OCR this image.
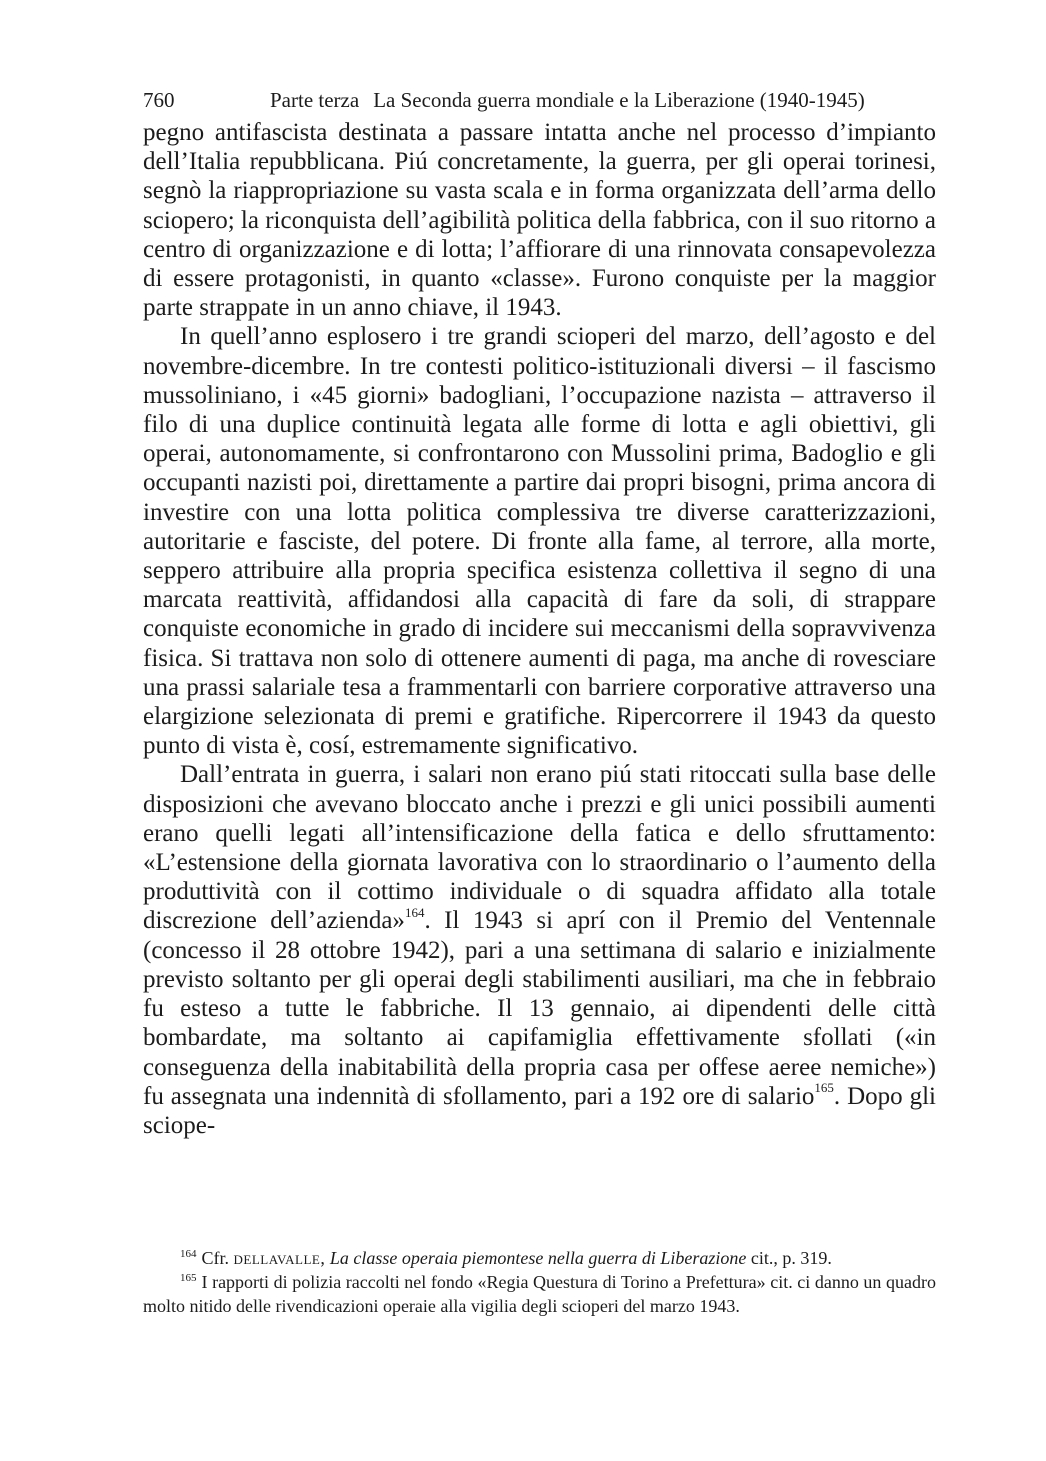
760	Parte terza La Seconda guerra mondiale e la Liberazione (1940-1945)

pegno antifascista destinata a passare intatta anche nel processo d’impianto dell’Italia repubblicana. Piú concretamente, la guerra, per gli operai torinesi, segnò la riappropriazione su vasta scala e in forma organizzata dell’arma dello sciopero; la riconquista dell’agibilità politica della fabbrica, con il suo ritorno a centro di organizzazione e di lotta; l’affiorare di una rinnovata consapevolezza di essere protagonisti, in quanto «classe». Furono conquiste per la maggior parte strappate in un anno chiave, il 1943.

In quell’anno esplosero i tre grandi scioperi del marzo, dell’agosto e del novembre-dicembre. In tre contesti politico-istituzionali diversi – il fascismo mussoliniano, i «45 giorni» badogliani, l’occupazione nazista – attraverso il filo di una duplice continuità legata alle forme di lotta e agli obiettivi, gli operai, autonomamente, si confrontarono con Mussolini prima, Badoglio e gli occupanti nazisti poi, direttamente a partire dai propri bisogni, prima ancora di investire con una lotta politica complessiva tre diverse caratterizzazioni, autoritarie e fasciste, del potere. Di fronte alla fame, al terrore, alla morte, seppero attribuire alla propria specifica esistenza collettiva il segno di una marcata reattività, affidandosi alla capacità di fare da soli, di strappare conquiste economiche in grado di incidere sui meccanismi della sopravvivenza fisica. Si trattava non solo di ottenere aumenti di paga, ma anche di rovesciare una prassi salariale tesa a frammentarli con barriere corporative attraverso una elargizione selezionata di premi e gratifiche. Ripercorrere il 1943 da questo punto di vista è, cosí, estremamente significativo.

Dall’entrata in guerra, i salari non erano piú stati ritoccati sulla base delle disposizioni che avevano bloccato anche i prezzi e gli unici possibili aumenti erano quelli legati all’intensificazione della fatica e dello sfruttamento: «L’estensione della giornata lavorativa con lo straordinario o l’aumento della produttività con il cottimo individuale o di squadra affidato alla totale discrezione dell’azienda»$^{164}$. Il 1943 si aprí con il Premio del Ventennale (concesso il 28 ottobre 1942), pari a una settimana di salario e inizialmente previsto soltanto per gli operai degli stabilimenti ausiliari, ma che in febbraio fu esteso a tutte le fabbriche. Il 13 gennaio, ai dipendenti delle città bombardate, ma soltanto ai capifamiglia effettivamente sfollati («in conseguenza della inabitabilità della propria casa per offese aeree nemiche») fu assegnata una indennità di sfollamento, pari a 192 ore di salario$^{165}$. Dopo gli sciope-

$^{164}$ Cfr. dellavalle, La classe operaia piemontese nella guerra di Liberazione cit., p. 319.

$^{165}$ I rapporti di polizia raccolti nel fondo «Regia Questura di Torino a Prefettura» cit. ci danno un quadro molto nitido delle rivendicazioni operaie alla vigilia degli scioperi del marzo 1943.
